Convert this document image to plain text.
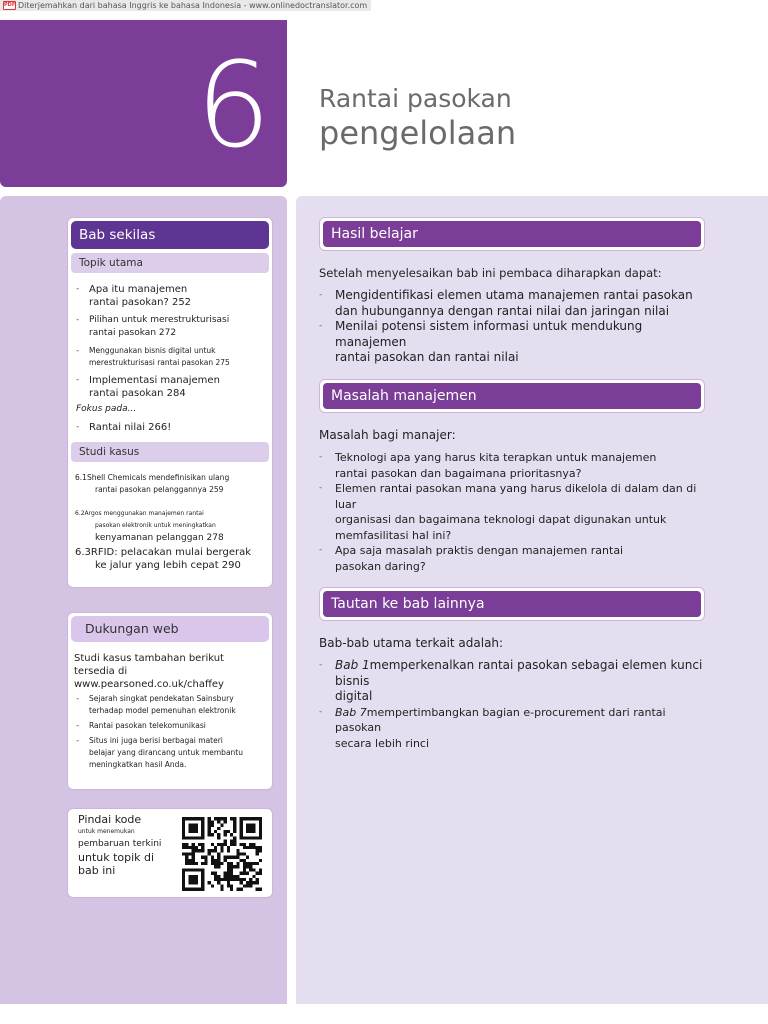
PDF Diterjemahkan dari bahasa Inggris ke bahasa Indonesia - www.onlinedoctranslator.com
6 Rantai pasokan
pengelolaan
Bab sekilas
Topik utama
- Apa itu manajemen
rantai pasokan? 252
- Pilihan untuk merestrukturisasi
rantai pasokan 272
- Menggunakan bisnis digital untuk
merestrukturisasi rantai pasokan 275
- Implementasi manajemen
rantai pasokan 284
Fokus pada...
- Rantai nilai 266!
Studi kasus
6.1Shell Chemicals mendefinisikan ulang
rantai pasokan pelanggannya 259
6.2Argos menggunakan manajemen rantai
pasokan elektronik untuk meningkatkan
kenyamanan pelanggan 278
6.3RFID: pelacakan mulai bergerak
ke jalur yang lebih cepat 290
Dukungan web
Studi kasus tambahan berikut
tersedia di
www.pearsoned.co.uk/chaffey
- Sejarah singkat pendekatan Sainsbury
terhadap model pemenuhan elektronik
- Rantai pasokan telekomunikasi
- Situs ini juga berisi berbagai materi
belajar yang dirancang untuk membantu
meningkatkan hasil Anda.
Pindai kode
untuk menemukan
pembaruan terkini
untuk topik di
bab ini
Hasil belajar
Setelah menyelesaikan bab ini pembaca diharapkan dapat:
- Mengidentifikasi elemen utama manajemen rantai pasokan
dan hubungannya dengan rantai nilai dan jaringan nilai
- Menilai potensi sistem informasi untuk mendukung manajemen
rantai pasokan dan rantai nilai
Masalah manajemen
Masalah bagi manajer:
- Teknologi apa yang harus kita terapkan untuk manajemen
rantai pasokan dan bagaimana prioritasnya?
- Elemen rantai pasokan mana yang harus dikelola di dalam dan di luar
organisasi dan bagaimana teknologi dapat digunakan untuk
memfasilitasi hal ini?
- Apa saja masalah praktis dengan manajemen rantai
pasokan daring?
Tautan ke bab lainnya
Bab-bab utama terkait adalah:
- Bab 1memperkenalkan rantai pasokan sebagai elemen kunci bisnis
digital
- Bab 7mempertimbangkan bagian e-procurement dari rantai pasokan
secara lebih rinci
